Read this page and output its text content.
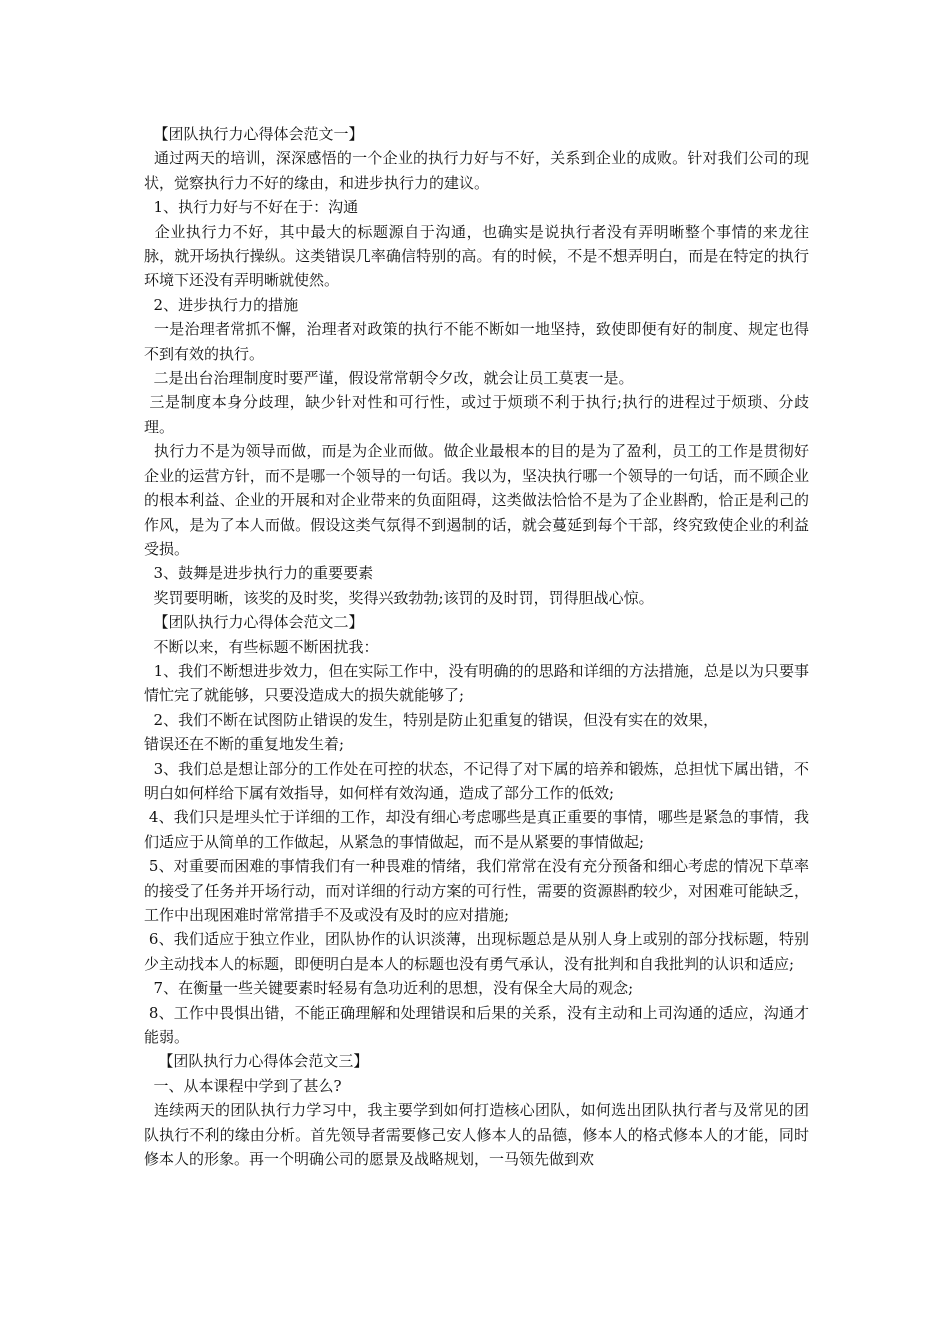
【团队执行力心得体会范文一】

通过两天的培训，深深感悟的一个企业的执行力好与不好，关系到企业的成败。针对我们公司的现状，觉察执行力不好的缘由，和进步执行力的建议。

1、执行力好与不好在于：沟通

企业执行力不好，其中最大的标题源自于沟通，也确实是说执行者没有弄明晰整个事情的来龙往脉，就开场执行操纵。这类错误几率确信特别的高。有的时候，不是不想弄明白，而是在特定的执行环境下还没有弄明晰就使然。

2、进步执行力的措施

一是治理者常抓不懈，治理者对政策的执行不能不断如一地坚持，致使即便有好的制度、规定也得不到有效的执行。

二是出台治理制度时要严谨，假设常常朝令夕改，就会让员工莫衷一是。

三是制度本身分歧理，缺少针对性和可行性，或过于烦琐不利于执行;执行的进程过于烦琐、分歧理。

执行力不是为领导而做，而是为企业而做。做企业最根本的目的是为了盈利，员工的工作是贯彻好企业的运营方针，而不是哪一个领导的一句话。我以为，坚决执行哪一个领导的一句话，而不顾企业的根本利益、企业的开展和对企业带来的负面阻碍，这类做法恰恰不是为了企业斟酌，恰正是利己的作风，是为了本人而做。假设这类气氛得不到遏制的话，就会蔓延到每个干部，终究致使企业的利益受损。

3、鼓舞是进步执行力的重要要素

奖罚要明晰，该奖的及时奖，奖得兴致勃勃;该罚的及时罚，罚得胆战心惊。

【团队执行力心得体会范文二】

不断以来，有些标题不断困扰我：

1、我们不断想进步效力，但在实际工作中，没有明确的的思路和详细的方法措施，总是以为只要事情忙完了就能够，只要没造成大的损失就能够了;

2、我们不断在试图防止错误的发生，特别是防止犯重复的错误，但没有实在的效果，
错误还在不断的重复地发生着;

3、我们总是想让部分的工作处在可控的状态，不记得了对下属的培养和锻炼，总担忧下属出错，不明白如何样给下属有效指导，如何样有效沟通，造成了部分工作的低效;

4、我们只是埋头忙于详细的工作，却没有细心考虑哪些是真正重要的事情，哪些是紧急的事情，我们适应于从简单的工作做起，从紧急的事情做起，而不是从紧要的事情做起;

5、对重要而困难的事情我们有一种畏难的情绪，我们常常在没有充分预备和细心考虑的情况下草率的接受了任务并开场行动，而对详细的行动方案的可行性，需要的资源斟酌较少，对困难可能缺乏，工作中出现困难时常常措手不及或没有及时的应对措施;

6、我们适应于独立作业，团队协作的认识淡薄，出现标题总是从别人身上或别的部分找标题，特别少主动找本人的标题，即便明白是本人的标题也没有勇气承认，没有批判和自我批判的认识和适应;

7、在衡量一些关键要素时轻易有急功近利的思想，没有保全大局的观念;

8、工作中畏惧出错，不能正确理解和处理错误和后果的关系，没有主动和上司沟通的适应，沟通才能弱。

【团队执行力心得体会范文三】

一、从本课程中学到了甚么?

连续两天的团队执行力学习中，我主要学到如何打造核心团队，如何选出团队执行者与及常见的团队执行不利的缘由分析。首先领导者需要修己安人修本人的品德，修本人的格式修本人的才能，同时修本人的形象。再一个明确公司的愿景及战略规划，一马领先做到欢
